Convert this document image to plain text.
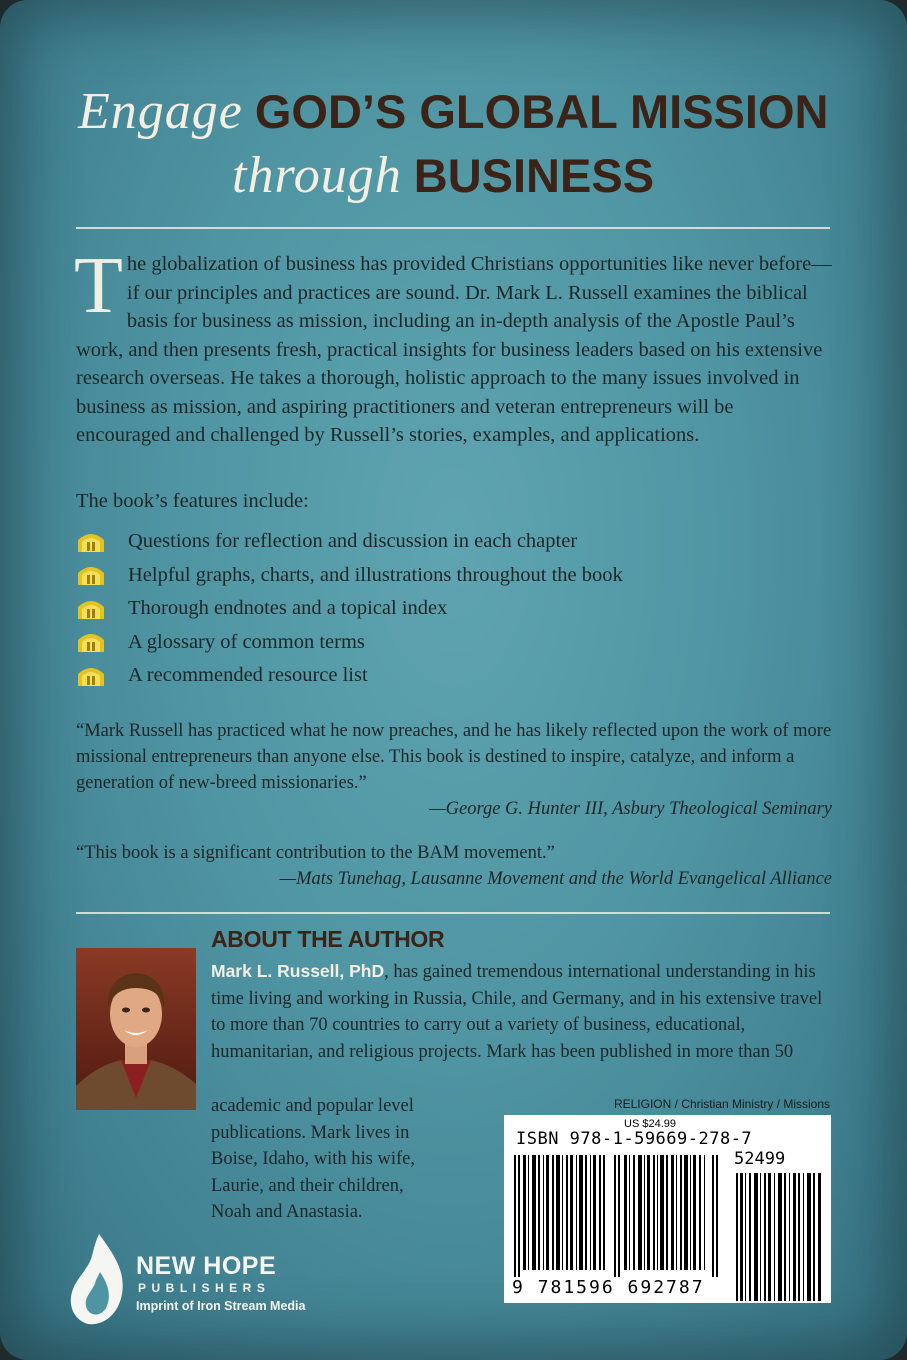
Engage GOD’S GLOBAL MISSION
through BUSINESS
The globalization of business has provided Christians opportunities like never before—if our principles and practices are sound. Dr. Mark L. Russell examines the biblical basis for business as mission, including an in-depth analysis of the Apostle Paul’s work, and then presents fresh, practical insights for business leaders based on his extensive research overseas. He takes a thorough, holistic approach to the many issues involved in business as mission, and aspiring practitioners and veteran entrepreneurs will be encouraged and challenged by Russell’s stories, examples, and applications.
The book’s features include:
Questions for reflection and discussion in each chapter
Helpful graphs, charts, and illustrations throughout the book
Thorough endnotes and a topical index
A glossary of common terms
A recommended resource list
“Mark Russell has practiced what he now preaches, and he has likely reflected upon the work of more missional entrepreneurs than anyone else. This book is destined to inspire, catalyze, and inform a generation of new-breed missionaries.”
—George G. Hunter III, Asbury Theological Seminary
“This book is a significant contribution to the BAM movement.”
—Mats Tunehag, Lausanne Movement and the World Evangelical Alliance
ABOUT THE AUTHOR
Mark L. Russell, PhD, has gained tremendous international understanding in his time living and working in Russia, Chile, and Germany, and in his extensive travel to more than 70 countries to carry out a variety of business, educational, humanitarian, and religious projects. Mark has been published in more than 50
academic and popular level
publications. Mark lives in
Boise, Idaho, with his wife,
Laurie, and their children,
Noah and Anastasia.
RELIGION / Christian Ministry / Missions
US $24.99
ISBN 978-1-59669-278-7
52499
9 781596 692787
NEW HOPE
PUBLISHERS
Imprint of Iron Stream Media
